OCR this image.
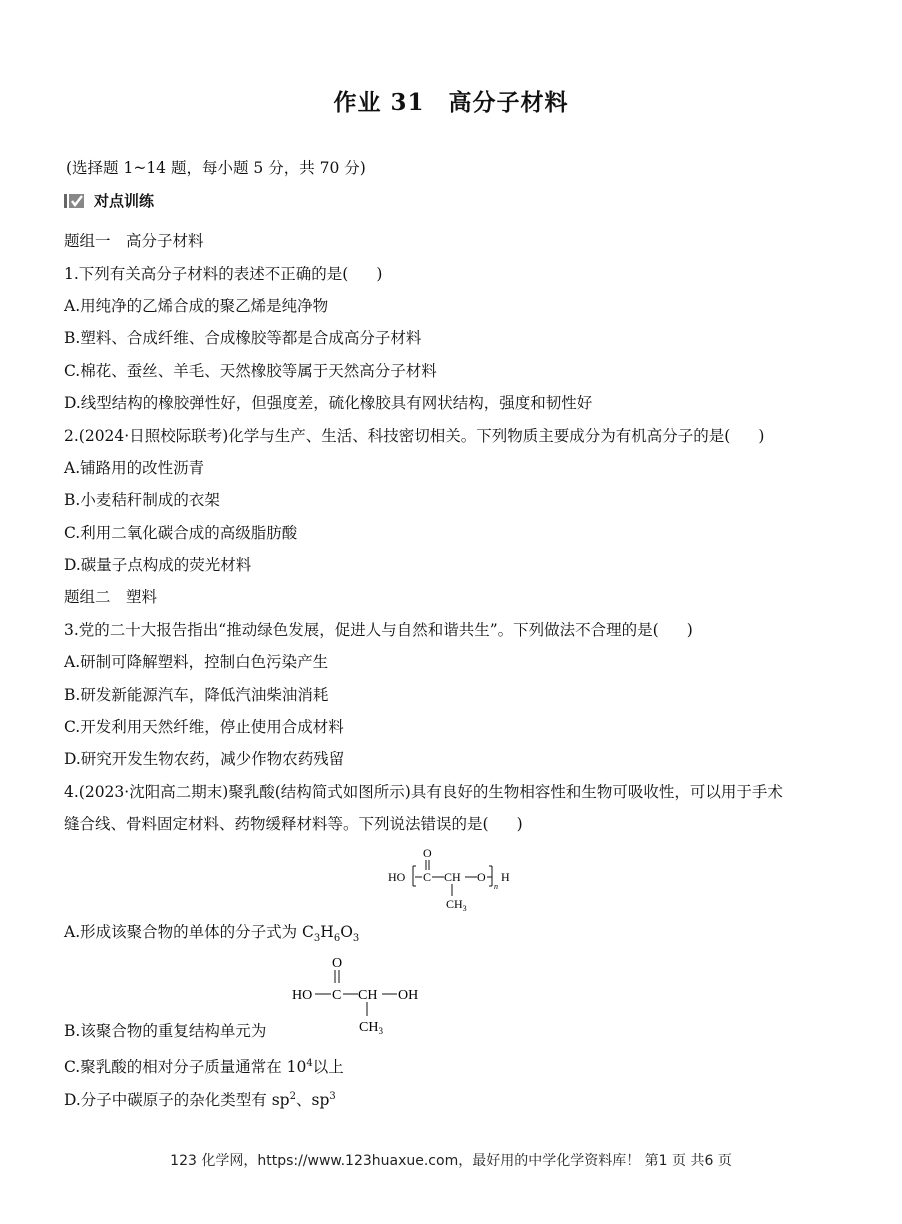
作业 31　高分子材料
(选择题 1~14 题，每小题 5 分，共 70 分)
对点训练
题组一　高分子材料
1.下列有关高分子材料的表述不正确的是( )
A.用纯净的乙烯合成的聚乙烯是纯净物
B.塑料、合成纤维、合成橡胶等都是合成高分子材料
C.棉花、蚕丝、羊毛、天然橡胶等属于天然高分子材料
D.线型结构的橡胶弹性好，但强度差，硫化橡胶具有网状结构，强度和韧性好
2.(2024·日照校际联考)化学与生产、生活、科技密切相关。下列物质主要成分为有机高分子的是( )
A.铺路用的改性沥青
B.小麦秸秆制成的衣架
C.利用二氧化碳合成的高级脂肪酸
D.碳量子点构成的荧光材料
题组二　塑料
3.党的二十大报告指出“推动绿色发展，促进人与自然和谐共生”。下列做法不合理的是( )
A.研制可降解塑料，控制白色污染产生
B.研发新能源汽车，降低汽油柴油消耗
C.开发利用天然纤维，停止使用合成材料
D.研究开发生物农药，减少作物农药残留
4.(2023·沈阳高二期末)聚乳酸(结构简式如图所示)具有良好的生物相容性和生物可吸收性，可以用于手术
缝合线、骨料固定材料、药物缓释材料等。下列说法错误的是( )
HO
O
C CH O
n
H
$CH_3$
A.形成该聚合物的单体的分子式为 $C_3H_6O_3$
HO
O
C CH OH
$CH_3$
B.该聚合物的重复结构单元为
C.聚乳酸的相对分子质量通常在 $10^4$以上
D.分子中碳原子的杂化类型有 $sp^2$、$sp^3$
123 化学网，https://www.123huaxue.com，最好用的中学化学资料库！ 第1 页 共6 页
